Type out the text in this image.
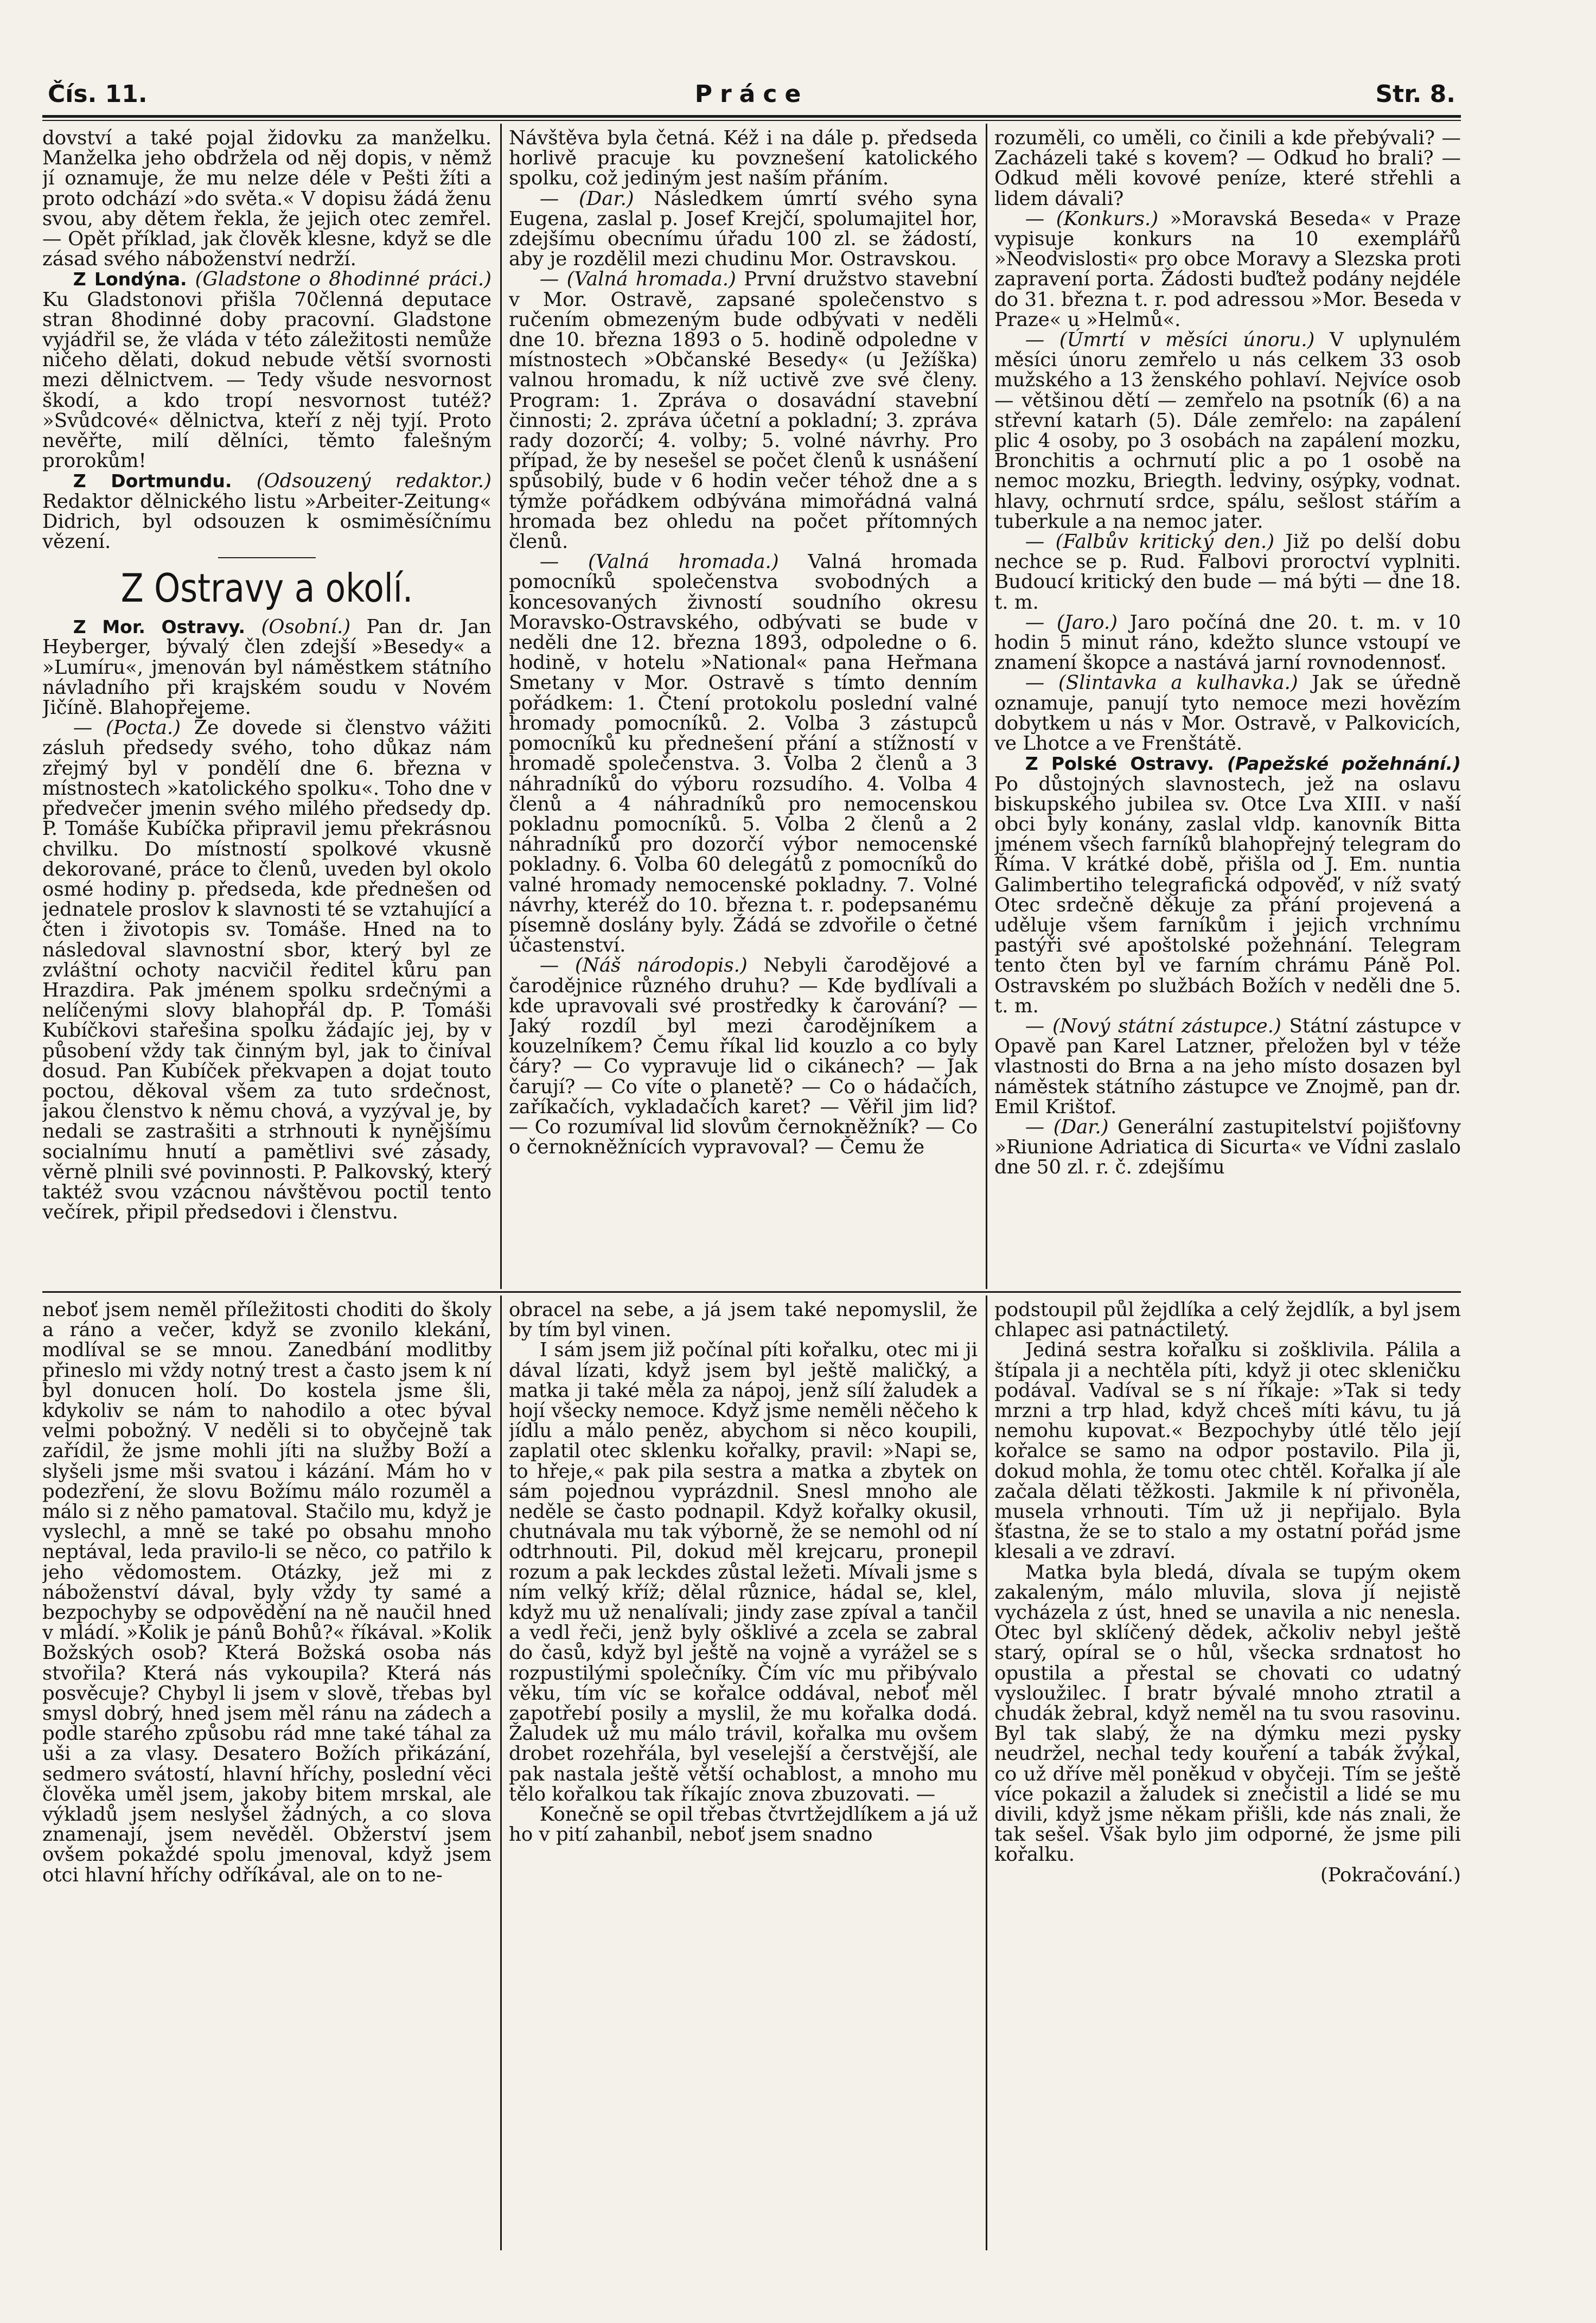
Čís. 11.	Práce	Str. 8.

dovství a také pojal židovku za manželku. Manželka jeho obdržela od něj dopis, v němž jí oznamuje, že mu nelze déle v Pešti žíti a proto odchází »do světa.« V dopisu žádá ženu svou, aby dětem řekla, že jejich otec zemřel. — Opět příklad, jak člověk klesne, když se dle zásad svého náboženství nedrží.

Z Londýna. (Gladstone o 8hodinné práci.) Ku Gladstonovi přišla 70členná deputace stran 8hodinné doby pracovní. Gladstone vyjádřil se, že vláda v této záležitosti nemůže ničeho dělati, dokud nebude větší svornosti mezi dělnictvem. — Tedy všude nesvornost škodí, a kdo tropí nesvornost tutéž? »Svůdcové« dělnictva, kteří z něj tyjí. Proto nevěřte, milí dělníci, těmto falešným prorokům!

Z Dortmundu. (Odsouzený redaktor.) Redaktor dělnického listu »Arbeiter-Zeitung« Didrich, byl odsouzen k osmiměsíčnímu vězení.

Z Ostravy a okolí.

Z Mor. Ostravy. (Osobní.) Pan dr. Jan Heyberger, bývalý člen zdejší »Besedy« a »Lumíru«, jmenován byl náměstkem státního návladního při krajském soudu v Novém Jičíně. Blahopřejeme.

— (Pocta.) Že dovede si členstvo vážiti zásluh předsedy svého, toho důkaz nám zřejmý byl v pondělí dne 6. března v místnostech »katolického spolku«. Toho dne v předvečer jmenin svého milého předsedy dp. P. Tomáše Kubíčka připravil jemu překrásnou chvilku. Do místností spolkové vkusně dekorované, práce to členů, uveden byl okolo osmé hodiny p. předseda, kde přednešen od jednatele proslov k slavnosti té se vztahující a čten i životopis sv. Tomáše. Hned na to následoval slavnostní sbor, který byl ze zvláštní ochoty nacvičil ředitel kůru pan Hrazdira. Pak jménem spolku srdečnými a nelíčenými slovy blahopřál dp. P. Tomáši Kubíčkovi stařešina spolku žádajíc jej, by v působení vždy tak činným byl, jak to činíval dosud. Pan Kubíček překvapen a dojat touto poctou, děkoval všem za tuto srdečnost, jakou členstvo k němu chová, a vyzýval je, by nedali se zastrašiti a strhnouti k nynějšímu socialnímu hnutí a pamětlivi své zásady, věrně plnili své povinnosti. P. Palkovský, který taktéž svou vzácnou návštěvou poctil tento večírek, připil předsedovi i členstvu.

Návštěva byla četná. Kéž i na dále p. předseda horlivě pracuje ku povznešení katolického spolku, což jediným jest naším přáním.

— (Dar.) Následkem úmrtí svého syna Eugena, zaslal p. Josef Krejčí, spolumajitel hor, zdejšímu obecnímu úřadu 100 zl. se žádostí, aby je rozdělil mezi chudinu Mor. Ostravskou.

— (Valná hromada.) První družstvo stavební v Mor. Ostravě, zapsané společenstvo s ručením obmezeným bude odbývati v neděli dne 10. března 1893 o 5. hodině odpoledne v místnostech »Občanské Besedy« (u Ježíška) valnou hromadu, k níž uctivě zve své členy. Program: 1. Zpráva o dosavádní stavební činnosti; 2. zpráva účetní a pokladní; 3. zpráva rady dozorčí; 4. volby; 5. volné návrhy. Pro případ, že by nesešel se počet členů k usnášení spůsobilý, bude v 6 hodin večer téhož dne a s týmže pořádkem odbývána mimořádná valná hromada bez ohledu na počet přítomných členů.

— (Valná hromada.) Valná hromada pomocníků společenstva svobodných a koncesovaných živností soudního okresu Moravsko-Ostravského, odbývati se bude v neděli dne 12. března 1893, odpoledne o 6. hodině, v hotelu »National« pana Heřmana Smetany v Mor. Ostravě s tímto denním pořádkem: 1. Čtení protokolu poslední valné hromady pomocníků. 2. Volba 3 zástupců pomocníků ku přednešení přání a stížností v hromadě společenstva. 3. Volba 2 členů a 3 náhradníků do výboru rozsudího. 4. Volba 4 členů a 4 náhradníků pro nemocenskou pokladnu pomocníků. 5. Volba 2 členů a 2 náhradníků pro dozorčí výbor nemocenské pokladny. 6. Volba 60 delegátů z pomocníků do valné hromady nemocenské pokladny. 7. Volné návrhy, kteréž do 10. března t. r. podepsanému písemně doslány byly. Žádá se zdvořile o četné účastenství.

— (Náš národopis.) Nebyli čarodějové a čarodějnice různého druhu? — Kde bydlívali a kde upravovali své prostředky k čarování? — Jaký rozdíl byl mezi čarodějníkem a kouzelníkem? Čemu říkal lid kouzlo a co byly čáry? — Co vypravuje lid o cikánech? — Jak čarují? — Co víte o planetě? — Co o hádačích, zaříkačích, vykladačích karet? — Věřil jim lid? — Co rozumíval lid slovům černokněžník? — Co o černokněžnících vypravoval? — Čemu že

rozuměli, co uměli, co činili a kde přebývali? — Zacházeli také s kovem? — Odkud ho brali? — Odkud měli kovové peníze, které střehli a lidem dávali?

— (Konkurs.) »Moravská Beseda« v Praze vypisuje konkurs na 10 exemplářů »Neodvislosti« pro obce Moravy a Slezska proti zapravení porta. Žádosti buďtež podány nejdéle do 31. března t. r. pod adressou »Mor. Beseda v Praze« u »Helmů«.

— (Úmrtí v měsíci únoru.) V uplynulém měsíci únoru zemřelo u nás celkem 33 osob mužského a 13 ženského pohlaví. Nejvíce osob — většinou dětí — zemřelo na psotník (6) a na střevní katarh (5). Dále zemřelo: na zapálení plic 4 osoby, po 3 osobách na zapálení mozku, Bronchitis a ochrnutí plic a po 1 osobě na nemoc mozku, Briegth. ledviny, osýpky, vodnat. hlavy, ochrnutí srdce, spálu, sešlost stářím a tuberkule a na nemoc jater.

— (Falbův kritický den.) Již po delší dobu nechce se p. Rud. Falbovi proroctví vyplniti. Budoucí kritický den bude — má býti — dne 18. t. m.

— (Jaro.) Jaro počíná dne 20. t. m. v 10 hodin 5 minut ráno, kdežto slunce vstoupí ve znamení škopce a nastává jarní rovnodennosť.

— (Slintavka a kulhavka.) Jak se úředně oznamuje, panují tyto nemoce mezi hovězím dobytkem u nás v Mor. Ostravě, v Palkovicích, ve Lhotce a ve Frenštátě.

Z Polské Ostravy. (Papežské požehnání.) Po důstojných slavnostech, jež na oslavu biskupského jubilea sv. Otce Lva XIII. v naší obci byly konány, zaslal vldp. kanovník Bitta jménem všech farníků blahopřejný telegram do Říma. V krátké době, přišla od J. Em. nuntia Galimbertiho telegrafická odpověď, v níž svatý Otec srdečně děkuje za přání projevená a uděluje všem farníkům i jejich vrchnímu pastýři své apoštolské požehnání. Telegram tento čten byl ve farním chrámu Páně Pol. Ostravském po službách Božích v neděli dne 5. t. m.

— (Nový státní zástupce.) Státní zástupce v Opavě pan Karel Latzner, přeložen byl v téže vlastnosti do Brna a na jeho místo dosazen byl náměstek státního zástupce ve Znojmě, pan dr. Emil Krištof.

— (Dar.) Generální zastupitelství pojišťovny »Riunione Adriatica di Sicurta« ve Vídni zaslalo dne 50 zl. r. č. zdejšímu

neboť jsem neměl příležitosti choditi do školy a ráno a večer, když se zvonilo klekání, modlíval se se mnou. Zanedbání modlitby přineslo mi vždy notný trest a často jsem k ní byl donucen holí. Do kostela jsme šli, kdykoliv se nám to nahodilo a otec býval velmi pobožný. V neděli si to obyčejně tak zařídil, že jsme mohli jíti na služby Boží a slyšeli jsme mši svatou i kázání. Mám ho v podezření, že slovu Božímu málo rozuměl a málo si z něho pamatoval. Stačilo mu, když je vyslechl, a mně se také po obsahu mnoho neptával, leda pravilo-li se něco, co patřilo k jeho vědomostem. Otázky, jež mi z náboženství dával, byly vždy ty samé a bezpochyby se odpovědění na ně naučil hned v mládí. »Kolik je pánů Bohů?« říkával. »Kolik Božských osob? Která Božská osoba nás stvořila? Která nás vykoupila? Která nás posvěcuje? Chybyl li jsem v slově, třebas byl smysl dobrý, hned jsem měl ránu na zádech a podle starého způsobu rád mne také táhal za uši a za vlasy. Desatero Božích přikázání, sedmero svátostí, hlavní hříchy, poslední věci člověka uměl jsem, jakoby bitem mrskal, ale výkladů jsem neslyšel žádných, a co slova znamenají, jsem nevěděl. Obžerství jsem ovšem pokaždé spolu jmenoval, když jsem otci hlavní hříchy odříkával, ale on to ne-

obracel na sebe, a já jsem také nepomyslil, že by tím byl vinen.

I sám jsem již počínal píti kořalku, otec mi ji dával lízati, když jsem byl ještě maličký, a matka ji také měla za nápoj, jenž sílí žaludek a hojí všecky nemoce. Když jsme neměli něčeho k jídlu a málo peněz, abychom si něco koupili, zaplatil otec sklenku kořalky, pravil: »Napi se, to hřeje,« pak pila sestra a matka a zbytek on sám pojednou vyprázdnil. Snesl mnoho ale neděle se často podnapil. Když kořalky okusil, chutnávala mu tak výborně, že se nemohl od ní odtrhnouti. Pil, dokud měl krejcaru, pronepil rozum a pak leckdes zůstal ležeti. Mívali jsme s ním velký kříž; dělal různice, hádal se, klel, když mu už nenalívali; jindy zase zpíval a tančil a vedl řeči, jenž byly ošklivé a zcela se zabral do časů, když byl ještě na vojně a vyrážel se s rozpustilými společníky. Čím víc mu přibývalo věku, tím víc se kořalce oddával, neboť měl zapotřebí posily a myslil, že mu kořalka dodá. Žaludek už mu málo trávil, kořalka mu ovšem drobet rozehřála, byl veselejší a čerstvější, ale pak nastala ještě větší ochablost, a mnoho mu tělo kořalkou tak říkajíc znova zbuzovati. —

Konečně se opil třebas čtvrtžejdlíkem a já už ho v pití zahanbil, neboť jsem snadno

podstoupil půl žejdlíka a celý žejdlík, a byl jsem chlapec asi patnáctiletý.

Jediná sestra kořalku si zošklivila. Pálila a štípala ji a nechtěla píti, když ji otec skleničku podával. Vadíval se s ní říkaje: »Tak si tedy mrzni a trp hlad, když chceš míti kávu, tu já nemohu kupovat.« Bezpochyby útlé tělo její kořalce se samo na odpor postavilo. Pila ji, dokud mohla, že tomu otec chtěl. Kořalka jí ale začala dělati těžkosti. Jakmile k ní přivoněla, musela vrhnouti. Tím už ji nepřijalo. Byla šťastna, že se to stalo a my ostatní pořád jsme klesali a ve zdraví.

Matka byla bledá, dívala se tupým okem zakaleným, málo mluvila, slova jí nejistě vycházela z úst, hned se unavila a nic nenesla. Otec byl sklíčený dědek, ačkoliv nebyl ještě starý, opíral se o hůl, všecka srdnatost ho opustila a přestal se chovati co udatný vysloužilec. I bratr bývalé mnoho ztratil a chudák žebral, když neměl na tu svou rasovinu. Byl tak slabý, že na dýmku mezi pysky neudržel, nechal tedy kouření a tabák žvýkal, co už dříve měl poněkud v obyčeji. Tím se ještě více pokazil a žaludek si znečistil a lidé se mu divili, když jsme někam přišli, kde nás znali, že tak sešel. Však bylo jim odporné, že jsme pili kořalku.

(Pokračování.)
